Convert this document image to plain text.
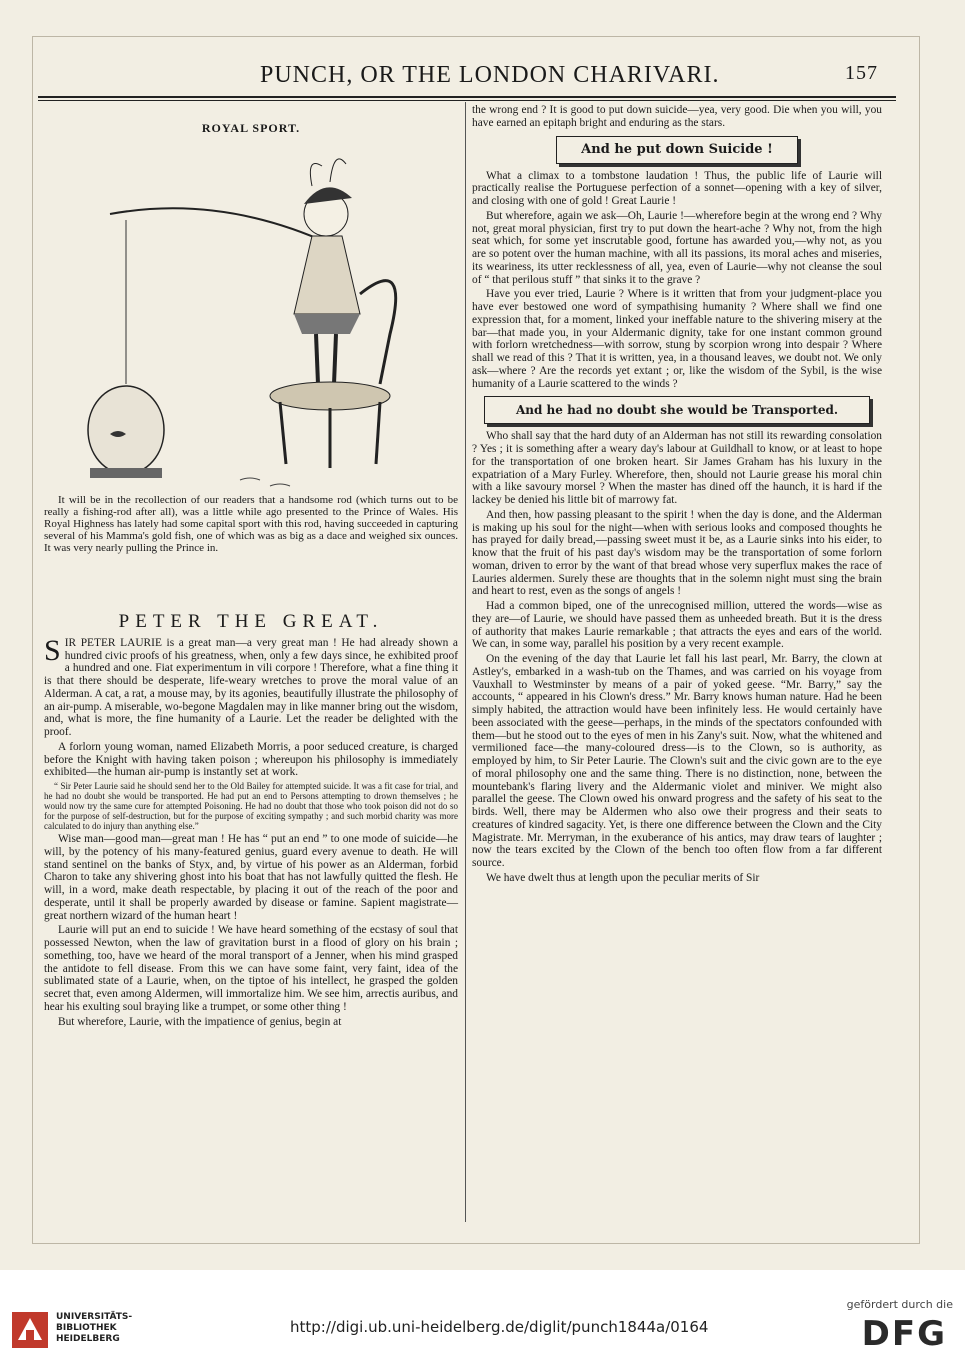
PUNCH, OR THE LONDON CHARIVARI.	157
ROYAL SPORT.
It will be in the recollection of our readers that a handsome rod (which turns out to be really a fishing-rod after all), was a little while ago presented to the Prince of Wales. His Royal Highness has lately had some capital sport with this rod, having succeeded in capturing several of his Mamma's gold fish, one of which was as big as a dace and weighed six ounces. It was very nearly pulling the Prince in.

PETER THE GREAT.

SIR PETER LAURIE is a great man—a very great man ! He had already shown a hundred civic proofs of his greatness, when, only a few days since, he exhibited proof a hundred and one. Fiat experimentum in vili corpore ! Therefore, what a fine thing it is that there should be desperate, life-weary wretches to prove the moral value of an Alderman. A cat, a rat, a mouse may, by its agonies, beautifully illustrate the philosophy of an air-pump. A miserable, wo-begone Magdalen may in like manner bring out the wisdom, and, what is more, the fine humanity of a Laurie. Let the reader be delighted with the proof.

A forlorn young woman, named Elizabeth Morris, a poor seduced creature, is charged before the Knight with having taken poison ; whereupon his philosophy is immediately exhibited—the human air-pump is instantly set at work.

“ Sir Peter Laurie said he should send her to the Old Bailey for attempted suicide. It was a fit case for trial, and he had no doubt she would be transported. He had put an end to Persons attempting to drown themselves ; he would now try the same cure for attempted Poisoning. He had no doubt that those who took poison did not do so for the purpose of self-destruction, but for the purpose of exciting sympathy ; and such morbid charity was more calculated to do injury than anything else.”

Wise man—good man—great man ! He has “ put an end ” to one mode of suicide—he will, by the potency of his many-featured genius, guard every avenue to death. He will stand sentinel on the banks of Styx, and, by virtue of his power as an Alderman, forbid Charon to take any shivering ghost into his boat that has not lawfully quitted the flesh. He will, in a word, make death respectable, by placing it out of the reach of the poor and desperate, until it shall be properly awarded by disease or famine. Sapient magistrate—great northern wizard of the human heart !

Laurie will put an end to suicide ! We have heard something of the ecstasy of soul that possessed Newton, when the law of gravitation burst in a flood of glory on his brain ; something, too, have we heard of the moral transport of a Jenner, when his mind grasped the antidote to fell disease. From this we can have some faint, very faint, idea of the sublimated state of a Laurie, when, on the tiptoe of his intellect, he grasped the golden secret that, even among Aldermen, will immortalize him. We see him, arrectis auribus, and hear his exulting soul braying like a trumpet, or some other thing !

But wherefore, Laurie, with the impatience of genius, begin at

the wrong end ? It is good to put down suicide—yea, very good. Die when you will, you have earned an epitaph bright and enduring as the stars.

And he put down Suicide !

What a climax to a tombstone laudation ! Thus, the public life of Laurie will practically realise the Portuguese perfection of a sonnet—opening with a key of silver, and closing with one of gold ! Great Laurie !

But wherefore, again we ask—Oh, Laurie !—wherefore begin at the wrong end ? Why not, great moral physician, first try to put down the heart-ache ? Why not, from the high seat which, for some yet inscrutable good, fortune has awarded you,—why not, as you are so potent over the human machine, with all its passions, its moral aches and miseries, its weariness, its utter recklessness of all, yea, even of Laurie—why not cleanse the soul of “ that perilous stuff ” that sinks it to the grave ?

Have you ever tried, Laurie ? Where is it written that from your judgment-place you have ever bestowed one word of sympathising humanity ? Where shall we find one expression that, for a moment, linked your ineffable nature to the shivering misery at the bar—that made you, in your Aldermanic dignity, take for one instant common ground with forlorn wretchedness—with sorrow, stung by scorpion wrong into despair ? Where shall we read of this ? That it is written, yea, in a thousand leaves, we doubt not. We only ask—where ? Are the records yet extant ; or, like the wisdom of the Sybil, is the wise humanity of a Laurie scattered to the winds ?

And he had no doubt she would be Transported.

Who shall say that the hard duty of an Alderman has not still its rewarding consolation ? Yes ; it is something after a weary day's labour at Guildhall to know, or at least to hope for the transportation of one broken heart. Sir James Graham has his luxury in the expatriation of a Mary Furley. Wherefore, then, should not Laurie grease his moral chin with a like savoury morsel ? When the master has dined off the haunch, it is hard if the lackey be denied his little bit of marrowy fat.

And then, how passing pleasant to the spirit ! when the day is done, and the Alderman is making up his soul for the night—when with serious looks and composed thoughts he has prayed for daily bread,—passing sweet must it be, as a Laurie sinks into his eider, to know that the fruit of his past day's wisdom may be the transportation of some forlorn woman, driven to error by the want of that bread whose very superflux makes the race of Lauries aldermen. Surely these are thoughts that in the solemn night must sing the brain and heart to rest, even as the songs of angels !

Had a common biped, one of the unrecognised million, uttered the words—wise as they are—of Laurie, we should have passed them as unheeded breath. But it is the dress of authority that makes Laurie remarkable ; that attracts the eyes and ears of the world. We can, in some way, parallel his position by a very recent example.

On the evening of the day that Laurie let fall his last pearl, Mr. Barry, the clown at Astley's, embarked in a wash-tub on the Thames, and was carried on his voyage from Vauxhall to Westminster by means of a pair of yoked geese. “Mr. Barry,” say the accounts, “ appeared in his Clown's dress.” Mr. Barry knows human nature. Had he been simply habited, the attraction would have been infinitely less. He would certainly have been associated with the geese—perhaps, in the minds of the spectators confounded with them—but he stood out to the eyes of men in his Zany's suit. Now, what the whitened and vermilioned face—the many-coloured dress—is to the Clown, so is authority, as employed by him, to Sir Peter Laurie. The Clown's suit and the civic gown are to the eye of moral philosophy one and the same thing. There is no distinction, none, between the mountebank's flaring livery and the Aldermanic violet and miniver. We might also parallel the geese. The Clown owed his onward progress and the safety of his seat to the birds. Well, there may be Aldermen who also owe their progress and their seats to creatures of kindred sagacity. Yet, is there one difference between the Clown and the City Magistrate. Mr. Merryman, in the exuberance of his antics, may draw tears of laughter ; now the tears excited by the Clown of the bench too often flow from a far different source.

We have dwelt thus at length upon the peculiar merits of Sir

UNIVERSITÄTS-
BIBLIOTHEK
HEIDELBERG
http://digi.ub.uni-heidelberg.de/diglit/punch1844a/0164
gefördert durch die
DFG
